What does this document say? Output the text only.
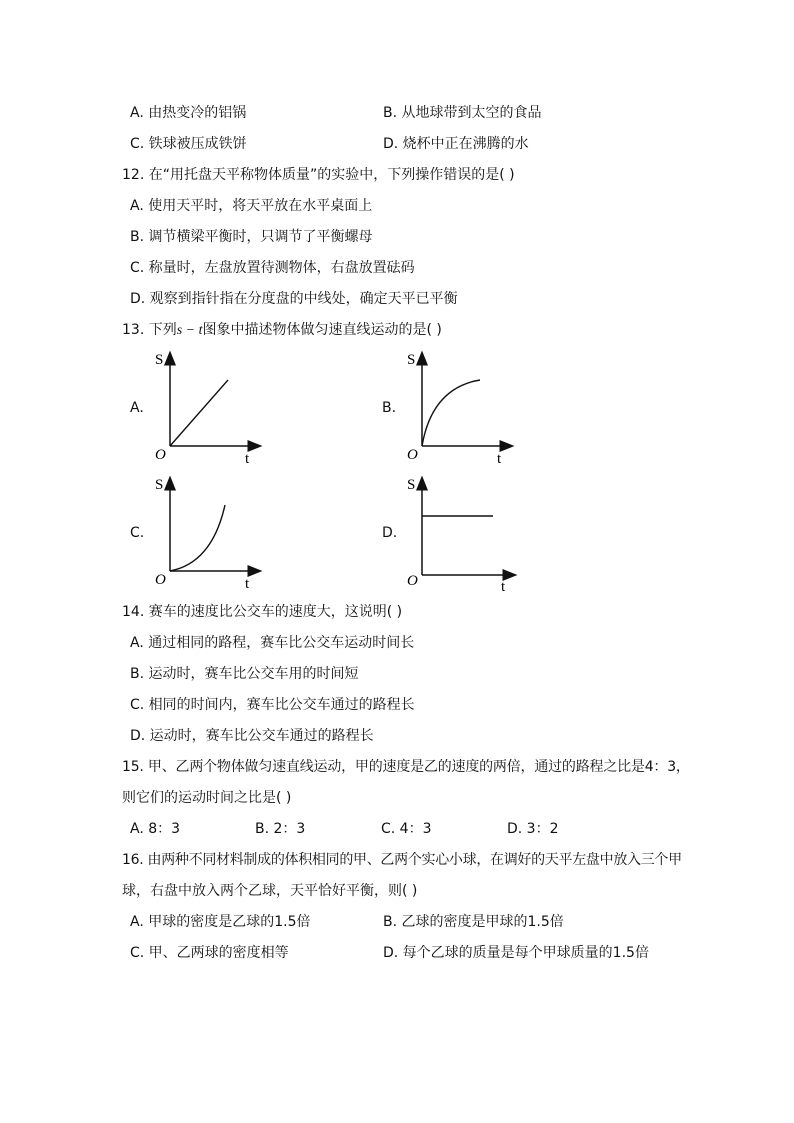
A. 由热变冷的铝锅	B. 从地球带到太空的食品
C. 铁球被压成铁饼	D. 烧杯中正在沸腾的水
12. 在“用托盘天平称物体质量”的实验中，下列操作错误的是( )
A. 使用天平时，将天平放在水平桌面上
B. 调节横梁平衡时，只调节了平衡螺母
C. 称量时，左盘放置待测物体，右盘放置砝码
D. 观察到指针指在分度盘的中线处，确定天平已平衡
13. 下列s − t图象中描述物体做匀速直线运动的是( )
A.
S
t
O
B.
S
t
O
C.
S
t
O
D.
S
t
O
14. 赛车的速度比公交车的速度大，这说明( )
A. 通过相同的路程，赛车比公交车运动时间长
B. 运动时，赛车比公交车用的时间短
C. 相同的时间内，赛车比公交车通过的路程长
D. 运动时，赛车比公交车通过的路程长
15. 甲、乙两个物体做匀速直线运动，甲的速度是乙的速度的两倍，通过的路程之比是4：3，
则它们的运动时间之比是( )
A. 8：3	B. 2：3	C. 4：3	D. 3：2
16. 由两种不同材料制成的体积相同的甲、乙两个实心小球，在调好的天平左盘中放入三个甲
球，右盘中放入两个乙球，天平恰好平衡，则( )
A. 甲球的密度是乙球的1.5倍	B. 乙球的密度是甲球的1.5倍
C. 甲、乙两球的密度相等	D. 每个乙球的质量是每个甲球质量的1.5倍
